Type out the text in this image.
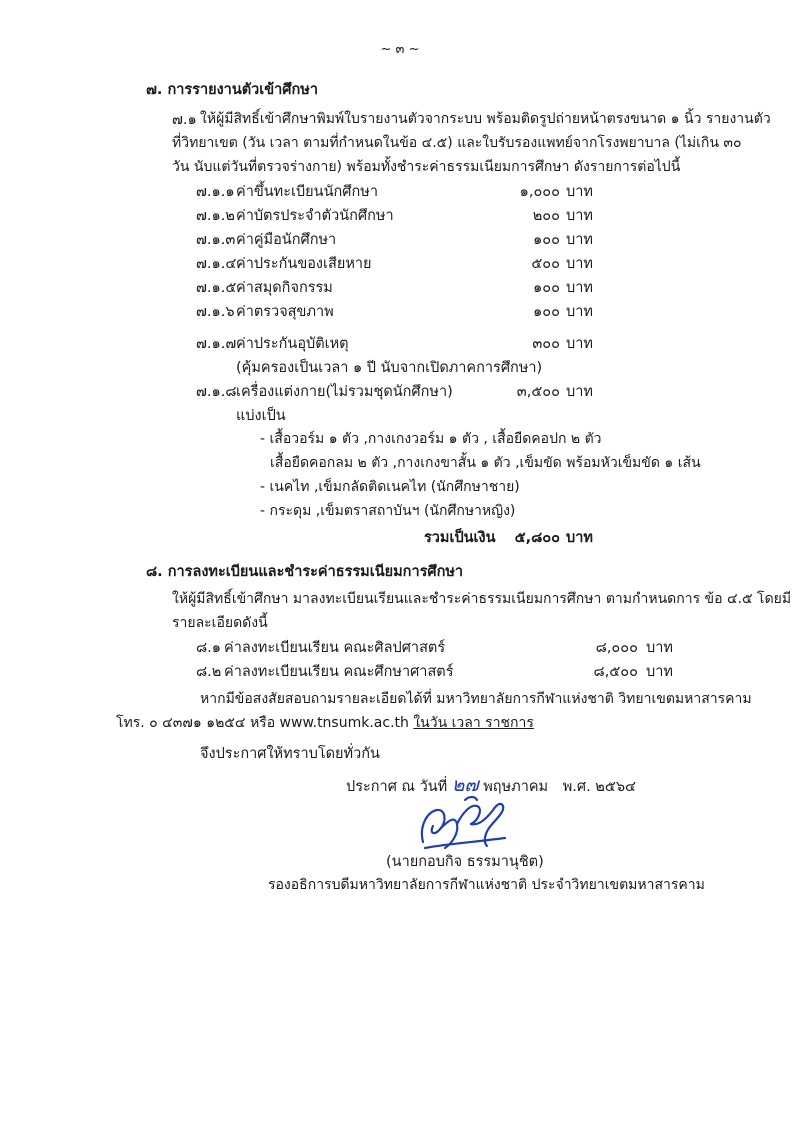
~ ๓ ~
๗. การรายงานตัวเข้าศึกษา
๗.๑ ให้ผู้มีสิทธิ์เข้าศึกษาพิมพ์ใบรายงานตัวจากระบบ พร้อมติดรูปถ่ายหน้าตรงขนาด ๑ นิ้ว รายงานตัว
ที่วิทยาเขต (วัน เวลา ตามที่กำหนดในข้อ ๔.๕) และใบรับรองแพทย์จากโรงพยาบาล (ไม่เกิน ๓๐
วัน นับแต่วันที่ตรวจร่างกาย) พร้อมทั้งชำระค่าธรรมเนียมการศึกษา ดังรายการต่อไปนี้
๗.๑.๑ ค่าขึ้นทะเบียนนักศึกษา	๑,๐๐๐ บาท
๗.๑.๒ ค่าบัตรประจำตัวนักศึกษา	๒๐๐ บาท
๗.๑.๓ ค่าคู่มือนักศึกษา	๑๐๐ บาท
๗.๑.๔ ค่าประกันของเสียหาย	๕๐๐ บาท
๗.๑.๕ ค่าสมุดกิจกรรม	๑๐๐ บาท
๗.๑.๖ ค่าตรวจสุขภาพ	๑๐๐ บาท
๗.๑.๗ ค่าประกันอุบัติเหตุ	๓๐๐ บาท
(คุ้มครองเป็นเวลา ๑ ปี นับจากเปิดภาคการศึกษา)
๗.๑.๘ เครื่องแต่งกาย(ไม่รวมชุดนักศึกษา)	๓,๕๐๐ บาท
แบ่งเป็น
- เสื้อวอร์ม ๑ ตัว ,กางเกงวอร์ม ๑ ตัว , เสื้อยืดคอปก ๒ ตัว
เสื้อยืดคอกลม ๒ ตัว ,กางเกงขาสั้น ๑ ตัว ,เข็มขัด พร้อมหัวเข็มขัด ๑ เส้น
- เนคไท ,เข็มกลัดติดเนคไท (นักศึกษาชาย)
- กระดุม ,เข็มตราสถาบันฯ (นักศึกษาหญิง)
รวมเป็นเงิน ๕,๘๐๐ บาท
๘. การลงทะเบียนและชำระค่าธรรมเนียมการศึกษา
ให้ผู้มีสิทธิ์เข้าศึกษา มาลงทะเบียนเรียนและชำระค่าธรรมเนียมการศึกษา ตามกำหนดการ ข้อ ๔.๕ โดยมี
รายละเอียดดังนี้
๘.๑ ค่าลงทะเบียนเรียน คณะศิลปศาสตร์	๘,๐๐๐ บาท
๘.๒ ค่าลงทะเบียนเรียน คณะศึกษาศาสตร์	๘,๕๐๐ บาท
หากมีข้อสงสัยสอบถามรายละเอียดได้ที่ มหาวิทยาลัยการกีฬาแห่งชาติ วิทยาเขตมหาสารคาม
โทร. ๐ ๔๓๗๑ ๑๒๕๔ หรือ www.tnsumk.ac.th ในวัน เวลา ราชการ
จึงประกาศให้ทราบโดยทั่วกัน
ประกาศ ณ วันที่ ๒๗ พฤษภาคม พ.ศ. ๒๕๖๔
(นายกอบกิจ ธรรมานุชิต)
รองอธิการบดีมหาวิทยาลัยการกีฬาแห่งชาติ ประจำวิทยาเขตมหาสารคาม
